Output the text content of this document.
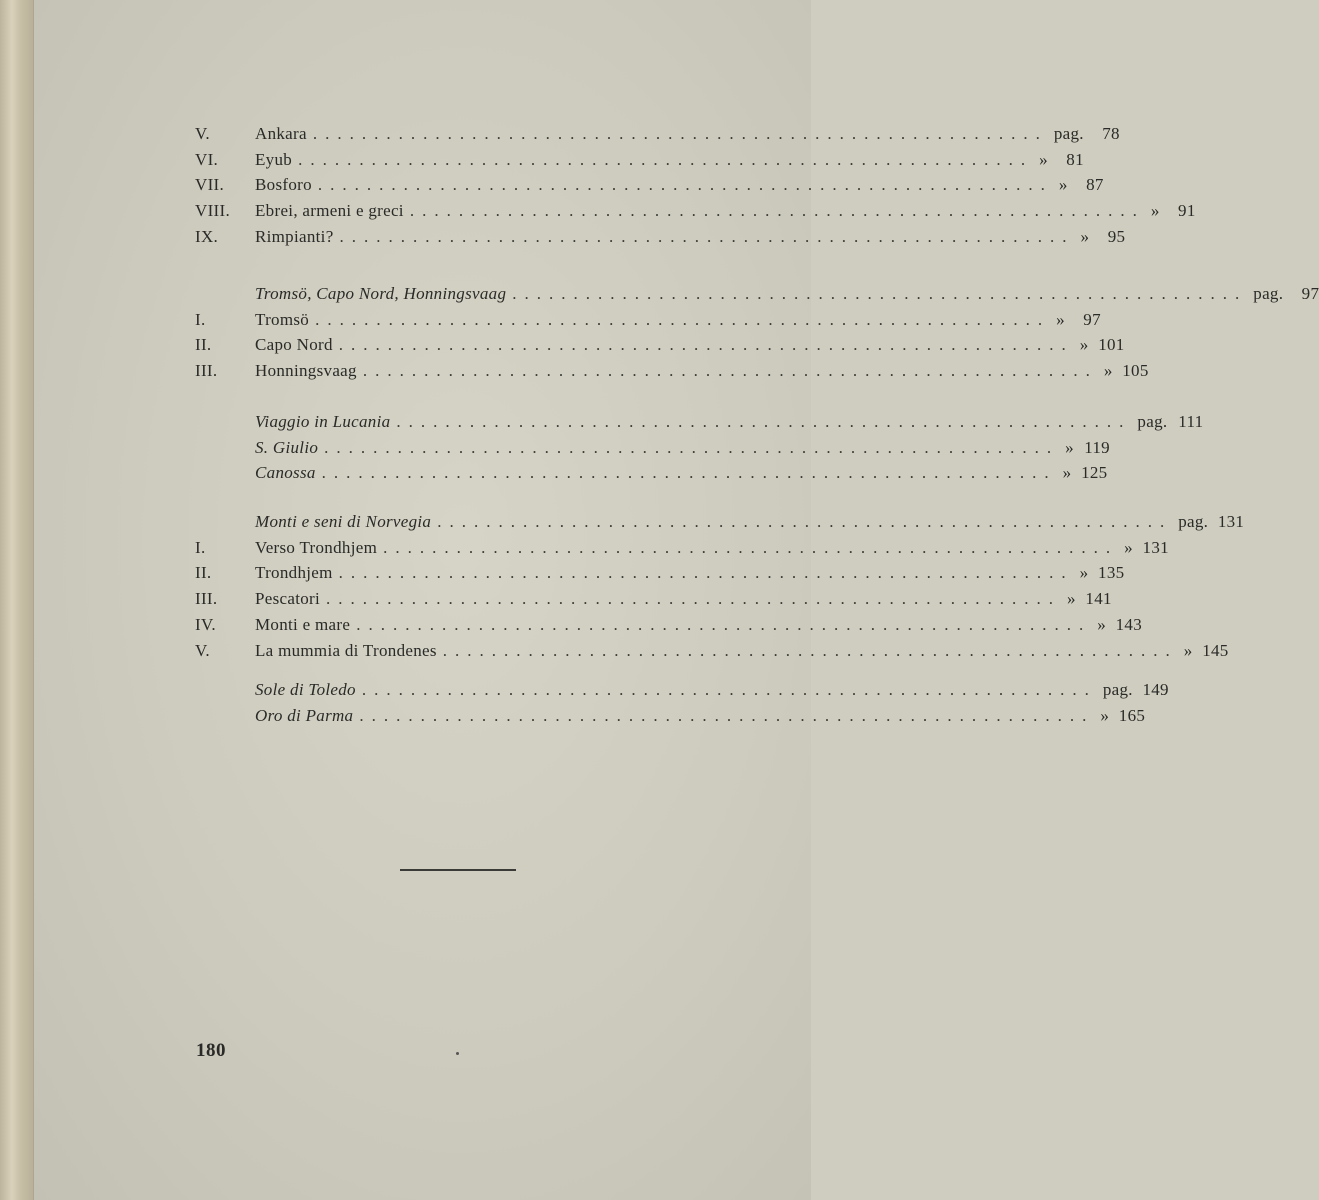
V.	Ankara ............................................................ pag.	78
VI.	Eyub ............................................................ »	81
VII.	Bosforo ............................................................ »	87
VIII.	Ebrei, armeni e greci ............................................................ »	91
IX.	Rimpianti? ............................................................ »	95
Tromsö, Capo Nord, Honningsvaag ............................................................ pag.	97
I.	Tromsö ............................................................ »	97
II.	Capo Nord ............................................................ » 101
III.	Honningsvaag ............................................................ » 105
Viaggio in Lucania ............................................................ pag. 111
S. Giulio ............................................................ » 119
Canossa ............................................................ » 125
Monti e seni di Norvegia ............................................................ pag. 131
I.	Verso Trondhjem ............................................................ » 131
II.	Trondhjem ............................................................ » 135
III.	Pescatori ............................................................ » 141
IV.	Monti e mare ............................................................ » 143
V.	La mummia di Trondenes ............................................................ » 145
Sole di Toledo ............................................................ pag. 149
Oro di Parma ............................................................ » 165
180
